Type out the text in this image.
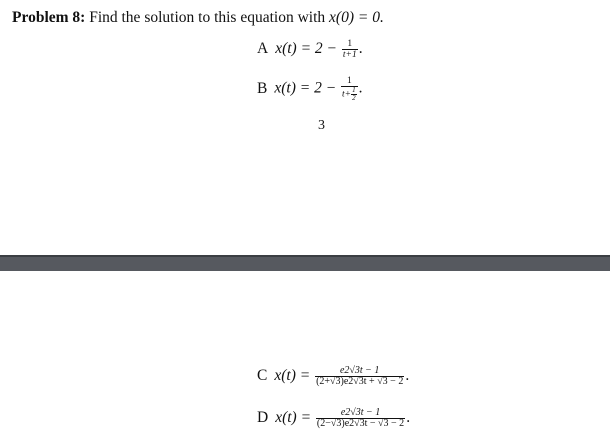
Problem 8: Find the solution to this equation with x(0) = 0.
A $x(t) = 2 - \frac{1}{t+1}$ .
B $x(t) = 2 - \frac{1}{t+ \frac{1}{2}}$ .
3
C $x(t) = \frac{e2√3t - 1}{(2+√3)e2√3t + √3 - 2}$ .
D $x(t) = \frac{e2√3t - 1}{(2-√3)e2√3t - √3 - 2}$ .
